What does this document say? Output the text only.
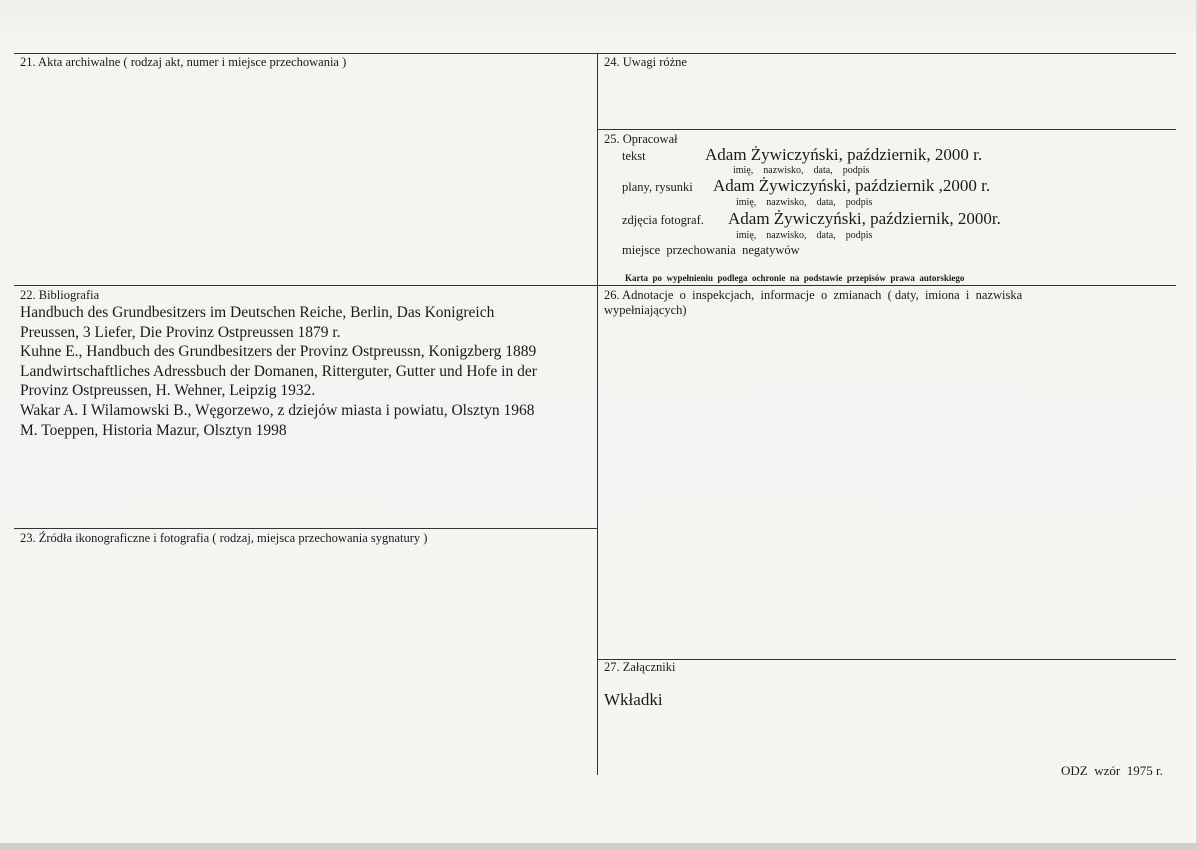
21. Akta archiwalne ( rodzaj akt, numer i miejsce przechowania )

22. Bibliografia

Handbuch des Grundbesitzers im Deutschen Reiche, Berlin, Das Konigreich
Preussen, 3 Liefer, Die Provinz Ostpreussen 1879 r.
Kuhne E., Handbuch des Grundbesitzers der Provinz Ostpreussn, Konigzberg 1889
Landwirtschaftliches Adressbuch der Domanen, Ritterguter, Gutter und Hofe in der
Provinz Ostpreussen, H. Wehner, Leipzig 1932.
Wakar A. I Wilamowski B., Węgorzewo, z dziejów miasta i powiatu, Olsztyn 1968
M. Toeppen, Historia Mazur, Olsztyn 1998

23. Źródła ikonograficzne i fotografia ( rodzaj, miejsca przechowania sygnatury )

24. Uwagi różne

25. Opracował

tekst	Adam Żywiczyński, październik, 2000 r.

imię,    nazwisko,    data,    podpis

plany, rysunki Adam Żywiczyński, październik ,2000 r.

imię,    nazwisko,    data,    podpis

zdjęcia fotograf. Adam Żywiczyński, październik, 2000r.

imię,    nazwisko,    data,    podpis

miejsce  przechowania  negatywów

Karta  po  wypełnieniu  podlega  ochronie  na  podstawie  przepisów  prawa  autorskiego

26. Adnotacje  o  inspekcjach,  informacje  o  zmianach  ( daty,  imiona  i  nazwiska

wypełniających)

27. Załączniki

Wkładki

ODZ  wzór  1975 r.
